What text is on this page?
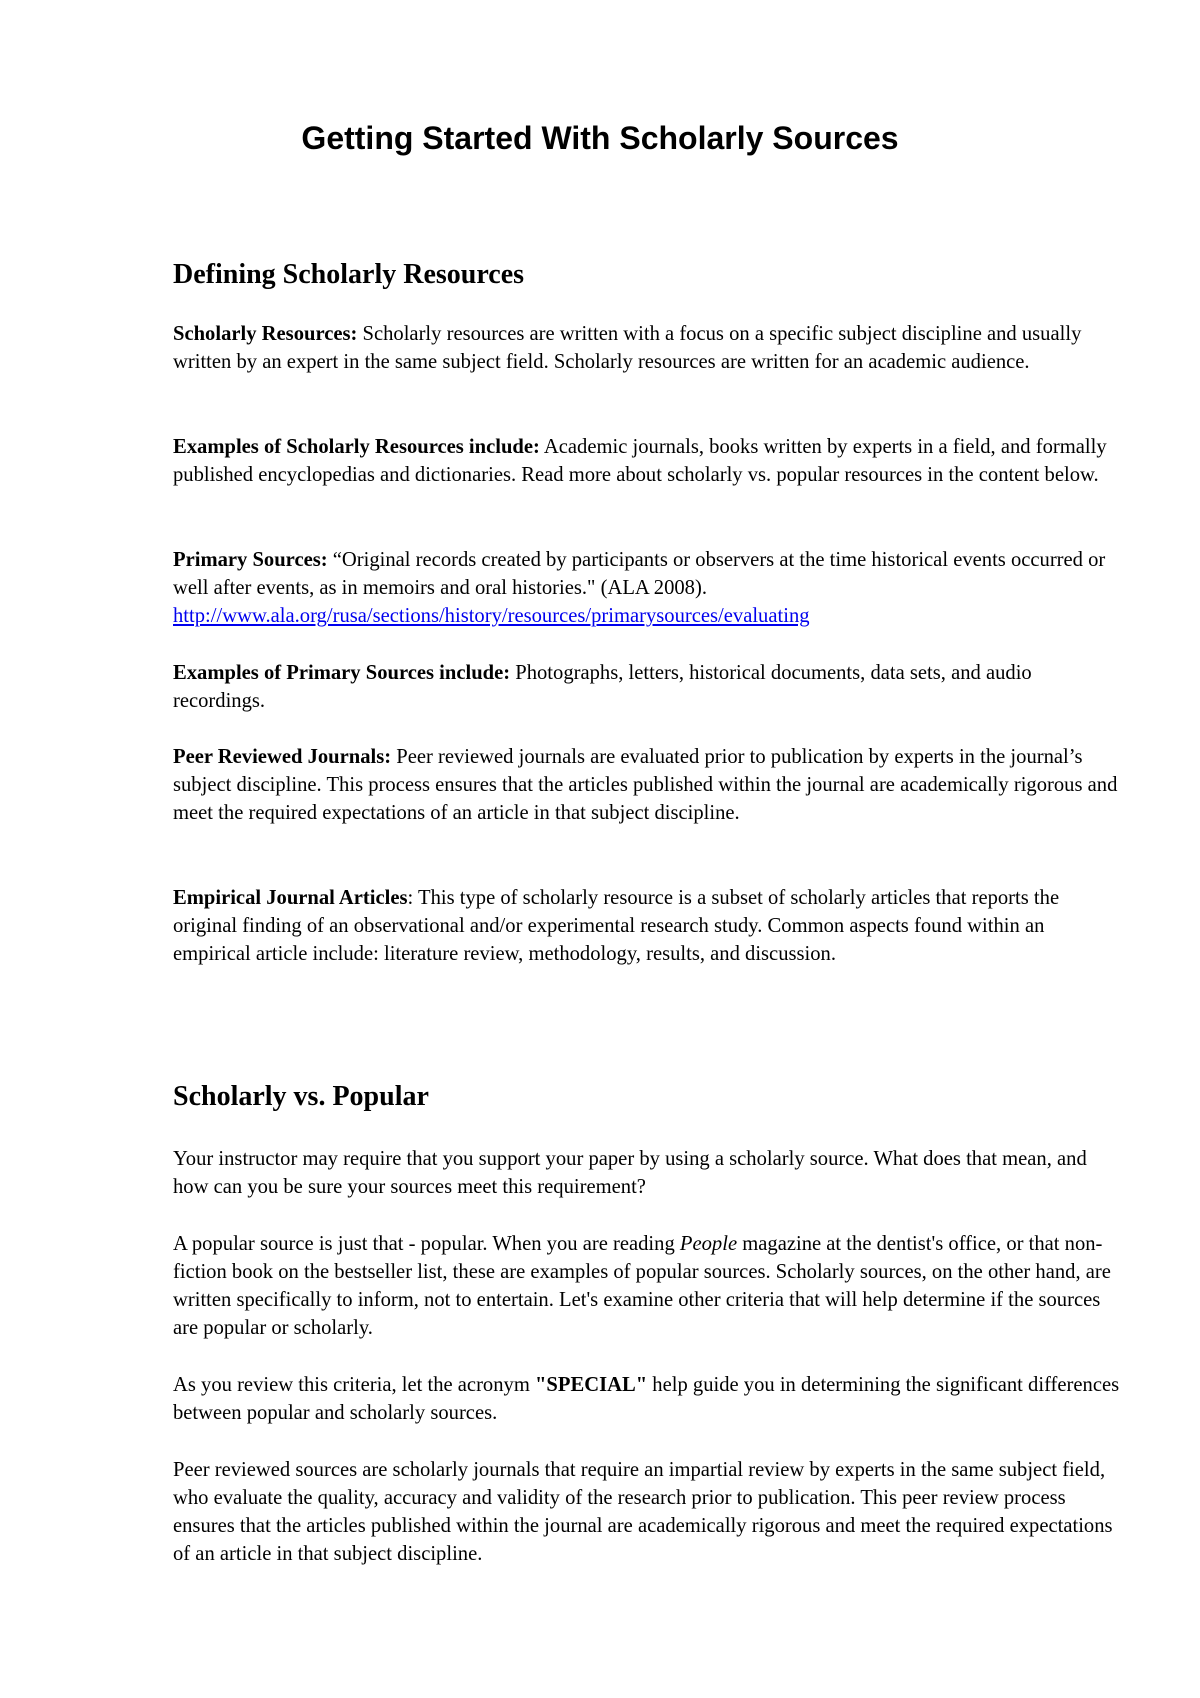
Getting Started With Scholarly Sources
Defining Scholarly Resources

Scholarly Resources: Scholarly resources are written with a focus on a specific subject discipline and usually written by an expert in the same subject field. Scholarly resources are written for an academic audience.

Examples of Scholarly Resources include: Academic journals, books written by experts in a field, and formally published encyclopedias and dictionaries. Read more about scholarly vs. popular resources in the content below.

Primary Sources: “Original records created by participants or observers at the time historical events occurred or well after events, as in memoirs and oral histories." (ALA 2008).
http://www.ala.org/rusa/sections/history/resources/primarysources/evaluating

Examples of Primary Sources include: Photographs, letters, historical documents, data sets, and audio recordings.

Peer Reviewed Journals: Peer reviewed journals are evaluated prior to publication by experts in the journal’s subject discipline. This process ensures that the articles published within the journal are academically rigorous and meet the required expectations of an article in that subject discipline.

Empirical Journal Articles: This type of scholarly resource is a subset of scholarly articles that reports the original finding of an observational and/or experimental research study. Common aspects found within an empirical article include: literature review, methodology, results, and discussion.

Scholarly vs. Popular

Your instructor may require that you support your paper by using a scholarly source. What does that mean, and how can you be sure your sources meet this requirement?

A popular source is just that - popular. When you are reading People magazine at the dentist's office, or that non-fiction book on the bestseller list, these are examples of popular sources. Scholarly sources, on the other hand, are written specifically to inform, not to entertain. Let's examine other criteria that will help determine if the sources are popular or scholarly.

As you review this criteria, let the acronym "SPECIAL" help guide you in determining the significant differences between popular and scholarly sources.

Peer reviewed sources are scholarly journals that require an impartial review by experts in the same subject field, who evaluate the quality, accuracy and validity of the research prior to publication. This peer review process ensures that the articles published within the journal are academically rigorous and meet the required expectations of an article in that subject discipline.
